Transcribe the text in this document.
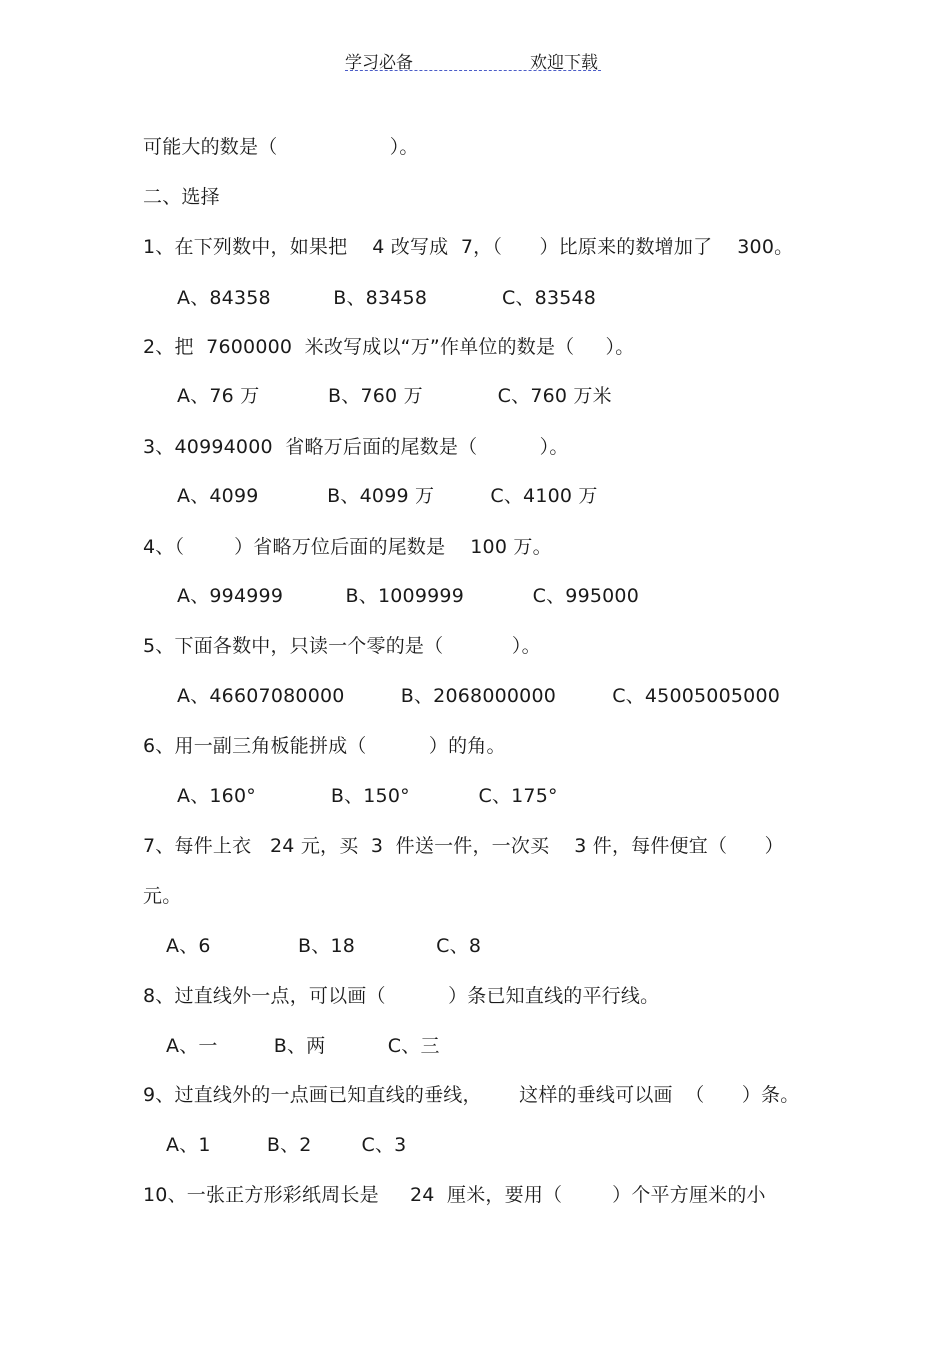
学习必备	欢迎下载
可能大的数是（                  ）。
二、选择
1、在下列数中，如果把    4 改写成  7，（      ）比原来的数增加了    300。
A、84358          B、83458            C、83548
2、把  7600000  米改写成以“万”作单位的数是（     ）。
A、76 万           B、760 万            C、760 万米
3、40994000  省略万后面的尾数是（          ）。
A、4099           B、4099 万         C、4100 万
4、（        ）省略万位后面的尾数是    100 万。
A、994999          B、1009999           C、995000
5、下面各数中，只读一个零的是（           ）。
A、46607080000         B、2068000000         C、45005005000
6、用一副三角板能拼成（          ）的角。
A、160°            B、150°           C、175°
7、每件上衣   24 元，买  3  件送一件，一次买    3 件，每件便宜（      ）
元。
A、6              B、18             C、8
8、过直线外一点，可以画（          ）条已知直线的平行线。
A、一         B、两          C、三
9、过直线外的一点画已知直线的垂线，      这样的垂线可以画  （      ）条。
A、1         B、2        C、3
10、一张正方形彩纸周长是     24  厘米，要用（        ）个平方厘米的小
